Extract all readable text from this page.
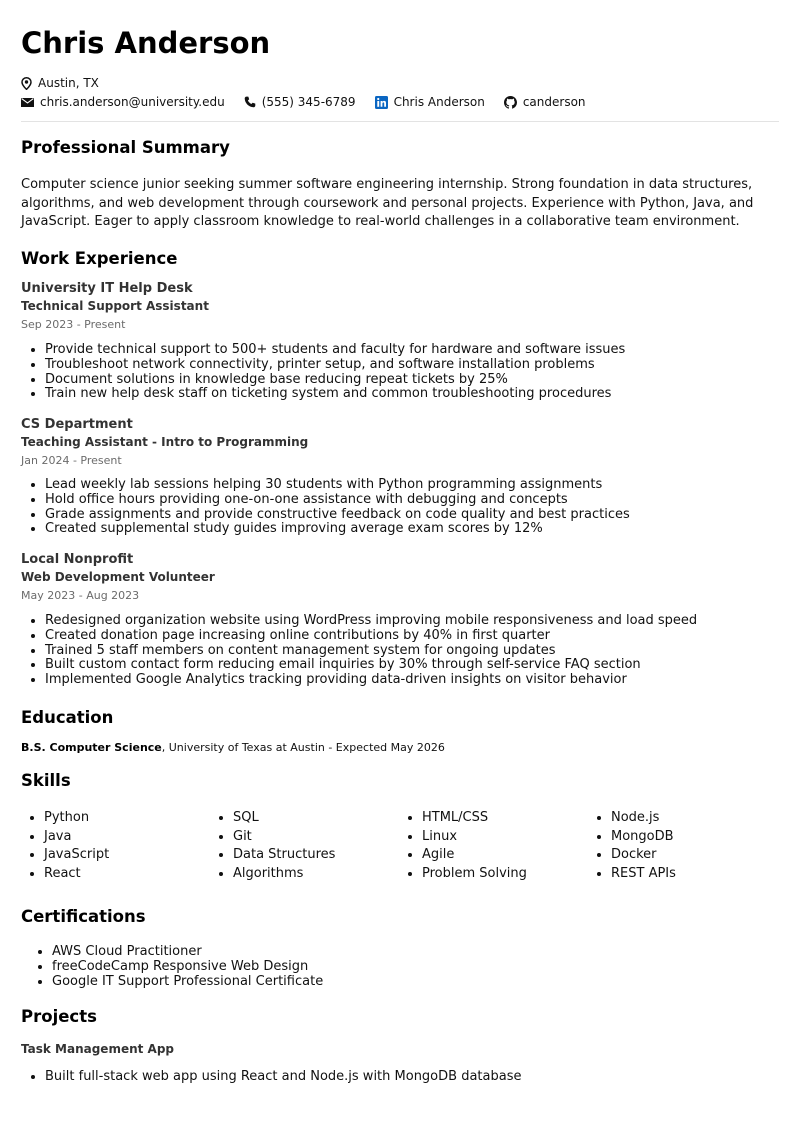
Chris Anderson
Austin, TX
chris.anderson@university.edu	(555) 345-6789	Chris Anderson	canderson
Professional Summary

Computer science junior seeking summer software engineering internship. Strong foundation in data structures, algorithms, and web development through coursework and personal projects. Experience with Python, Java, and JavaScript. Eager to apply classroom knowledge to real-world challenges in a collaborative team environment.

Work Experience
University IT Help Desk
Technical Support Assistant
Sep 2023 - Present
• Provide technical support to 500+ students and faculty for hardware and software issues
• Troubleshoot network connectivity, printer setup, and software installation problems
• Document solutions in knowledge base reducing repeat tickets by 25%
• Train new help desk staff on ticketing system and common troubleshooting procedures
CS Department
Teaching Assistant - Intro to Programming
Jan 2024 - Present
• Lead weekly lab sessions helping 30 students with Python programming assignments
• Hold office hours providing one-on-one assistance with debugging and concepts
• Grade assignments and provide constructive feedback on code quality and best practices
• Created supplemental study guides improving average exam scores by 12%
Local Nonprofit
Web Development Volunteer
May 2023 - Aug 2023
• Redesigned organization website using WordPress improving mobile responsiveness and load speed
• Created donation page increasing online contributions by 40% in first quarter
• Trained 5 staff members on content management system for ongoing updates
• Built custom contact form reducing email inquiries by 30% through self-service FAQ section
• Implemented Google Analytics tracking providing data-driven insights on visitor behavior
Education

B.S. Computer Science, University of Texas at Austin - Expected May 2026

Skills
• Python
• Java
• JavaScript
• React
• SQL
• Git
• Data Structures
• Algorithms
• HTML/CSS
• Linux
• Agile
• Problem Solving
• Node.js
• MongoDB
• Docker
• REST APIs
Certifications
• AWS Cloud Practitioner
• freeCodeCamp Responsive Web Design
• Google IT Support Professional Certificate
Projects
Task Management App
• Built full-stack web app using React and Node.js with MongoDB database
